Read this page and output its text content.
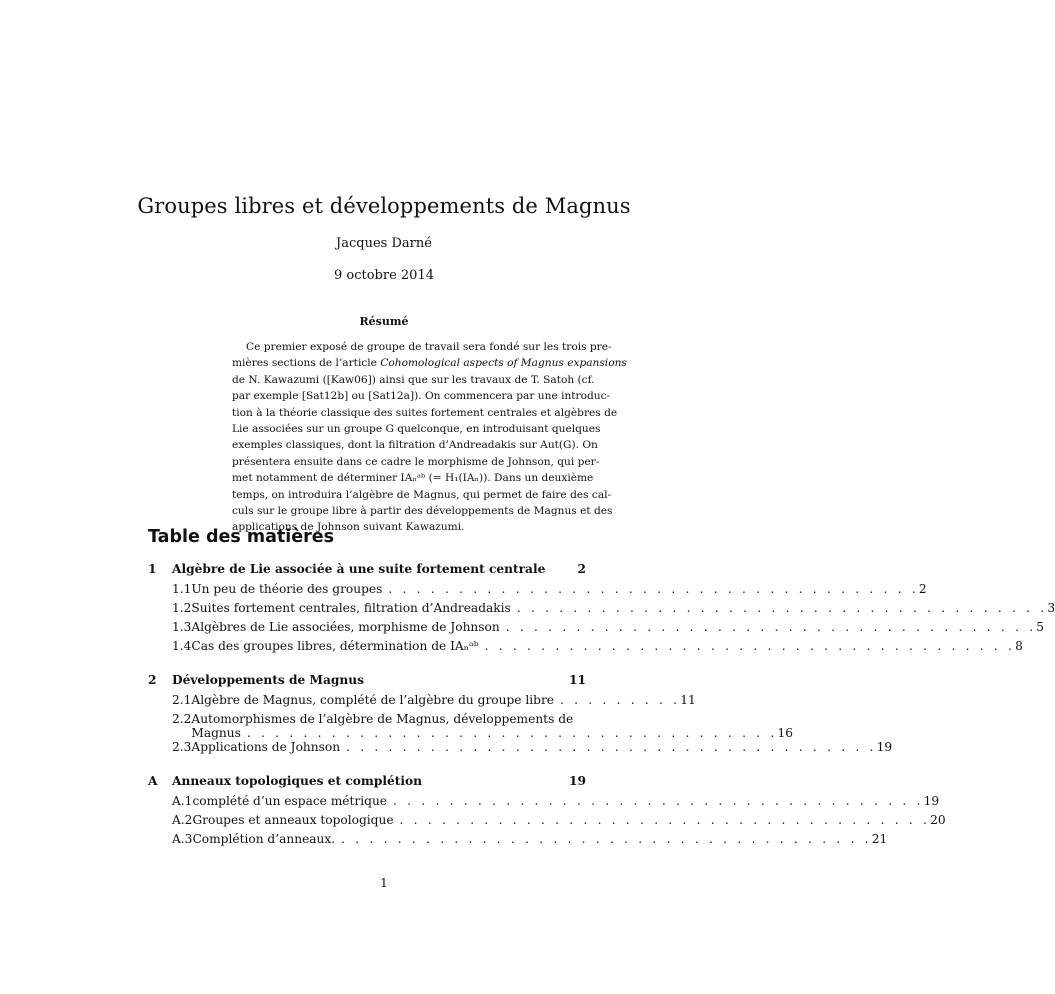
Groupes libres et développements de Magnus
Jacques Darné
9 octobre 2014
Résumé
Ce premier exposé de groupe de travail sera fondé sur les trois pre-
mières sections de l’article Cohomological aspects of Magnus expansions
de N. Kawazumi ([Kaw06]) ainsi que sur les travaux de T. Satoh (cf.
par exemple [Sat12b] ou [Sat12a]). On commencera par une introduc-
tion à la théorie classique des suites fortement centrales et algèbres de
Lie associées sur un groupe G quelconque, en introduisant quelques
exemples classiques, dont la filtration d’Andreadakis sur Aut(G). On
présentera ensuite dans ce cadre le morphisme de Johnson, qui per-
met notamment de déterminer IAₙᵃᵇ (= H₁(IAₙ)). Dans un deuxième
temps, on introduira l’algèbre de Magnus, qui permet de faire des cal-
culs sur le groupe libre à partir des développements de Magnus et des
applications de Johnson suivant Kawazumi.
Table des matières
1	Algèbre de Lie associée à une suite fortement centrale	2
1.1 Un peu de théorie des groupes . . . . . . . . . . . . . . . . . . . . . . . . . . . . . . . . . . . . . . 2
1.2 Suites fortement centrales, filtration d’Andreadakis . . . . . . . . . . . . . . . . . . . . . . . . . . . . . . . . . . . . . . 3
1.3 Algèbres de Lie associées, morphisme de Johnson . . . . . . . . . . . . . . . . . . . . . . . . . . . . . . . . . . . . . . 5
1.4 Cas des groupes libres, détermination de IAₙᵃᵇ . . . . . . . . . . . . . . . . . . . . . . . . . . . . . . . . . . . . . . 8
2	Développements de Magnus	11
2.1 Algèbre de Magnus, complété de l’algèbre du groupe libre . . . . . . . . . 11
2.2 Automorphismes de l’algèbre de Magnus, développements de
Magnus . . . . . . . . . . . . . . . . . . . . . . . . . . . . . . . . . . . . . . 16
2.3 Applications de Johnson . . . . . . . . . . . . . . . . . . . . . . . . . . . . . . . . . . . . . . 19
A	Anneaux topologiques et complétion	19
A.1 complété d’un espace métrique . . . . . . . . . . . . . . . . . . . . . . . . . . . . . . . . . . . . . . 19
A.2 Groupes et anneaux topologique . . . . . . . . . . . . . . . . . . . . . . . . . . . . . . . . . . . . . . 20
A.3 Complétion d’anneaux. . . . . . . . . . . . . . . . . . . . . . . . . . . . . . . . . . . . . . . 21
1
